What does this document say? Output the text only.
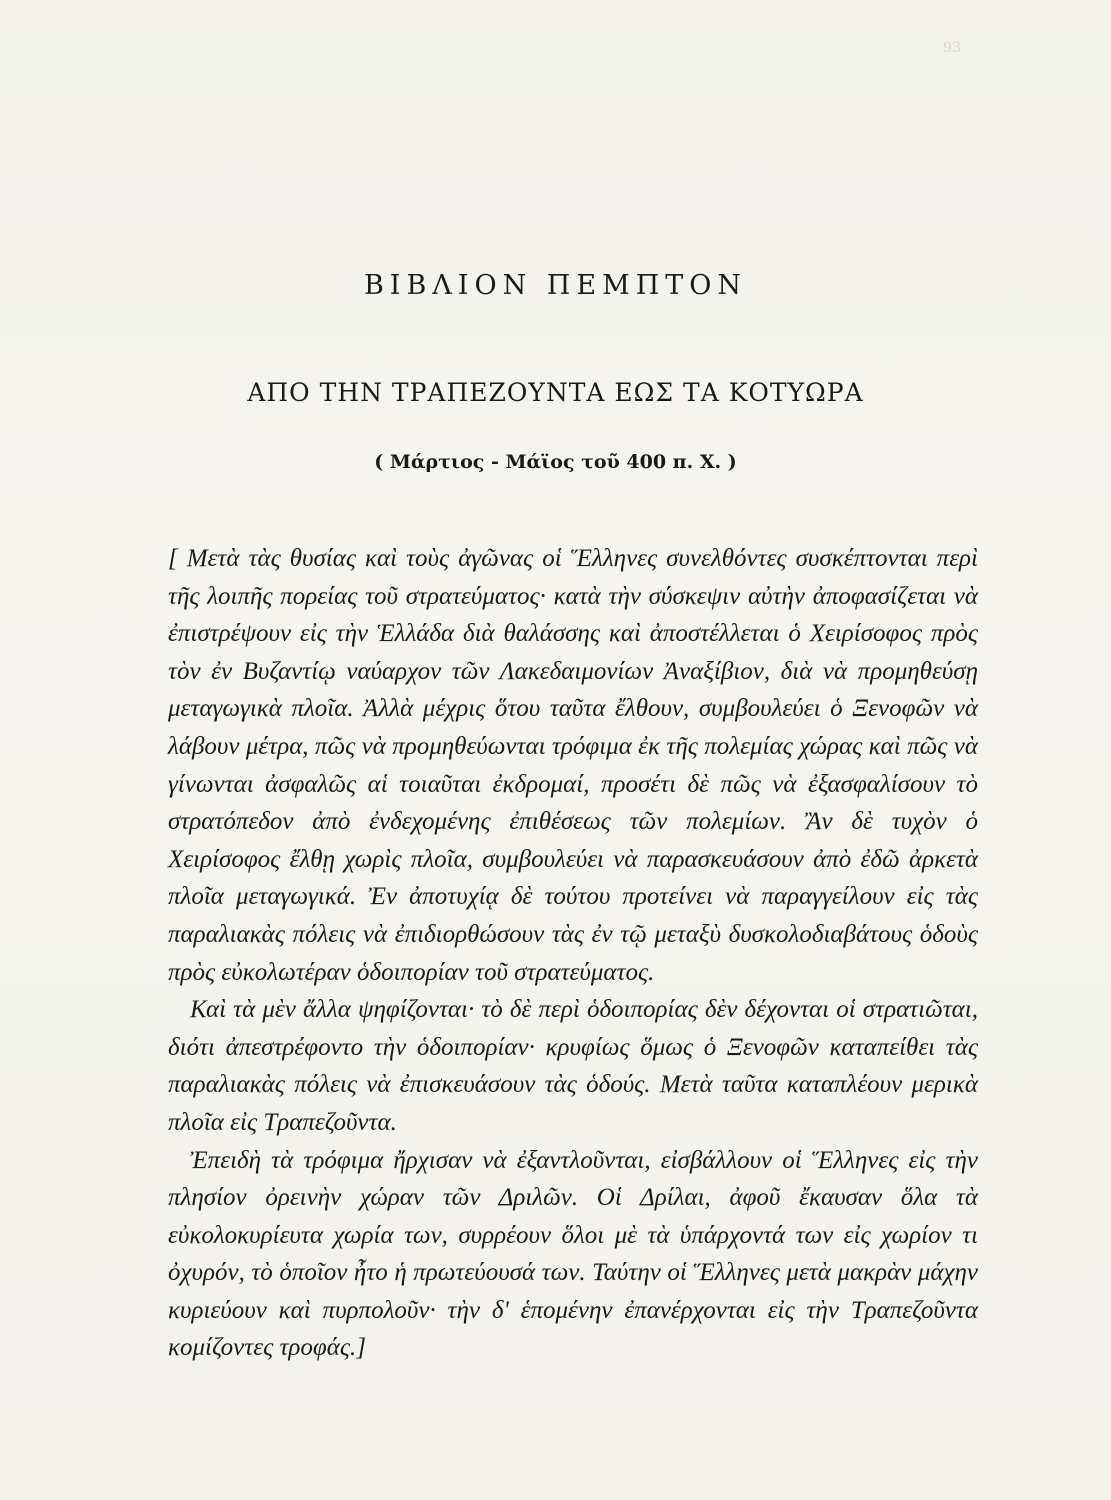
93
ΒΙΒΛΙΟΝ ΠΕΜΠΤΟΝ
ΑΠΟ ΤΗΝ ΤΡΑΠΕΖΟΥΝΤΑ ΕΩΣ ΤΑ ΚΟΤΥΩΡΑ
( Μάρτιος - Μάϊος τοῦ 400 π. Χ. )

[ Μετὰ τὰς θυσίας καὶ τοὺς ἀγῶνας οἱ Ἕλληνες συνελθόντες συσκέπτονται περὶ τῆς λοιπῆς πορείας τοῦ στρατεύματος· κατὰ τὴν σύσκεψιν αὐτὴν ἀποφασίζεται νὰ ἐπιστρέψουν εἰς τὴν Ἑλλάδα διὰ θαλάσσης καὶ ἀποστέλλεται ὁ Χειρίσοφος πρὸς τὸν ἐν Βυζαντίῳ ναύαρχον τῶν Λακεδαιμονίων Ἀναξίβιον, διὰ νὰ προμηθεύσῃ μεταγωγικὰ πλοῖα. Ἀλλὰ μέχρις ὅτου ταῦτα ἔλθουν, συμβουλεύει ὁ Ξενοφῶν νὰ λάβουν μέτρα, πῶς νὰ προμηθεύωνται τρόφιμα ἐκ τῆς πολεμίας χώρας καὶ πῶς νὰ γίνωνται ἀσφαλῶς αἱ τοιαῦται ἐκδρομαί, προσέτι δὲ πῶς νὰ ἐξασφαλίσουν τὸ στρατόπεδον ἀπὸ ἐνδεχομένης ἐπιθέσεως τῶν πολεμίων. Ἂν δὲ τυχὸν ὁ Χειρίσοφος ἔλθῃ χωρὶς πλοῖα, συμβουλεύει νὰ παρασκευάσουν ἀπὸ ἐδῶ ἀρκετὰ πλοῖα μεταγωγικά. Ἐν ἀποτυχίᾳ δὲ τούτου προτείνει νὰ παραγγείλουν εἰς τὰς παραλιακὰς πόλεις νὰ ἐπιδιορθώσουν τὰς ἐν τῷ μεταξὺ δυσκολοδιαβάτους ὁδοὺς πρὸς εὐκολωτέραν ὁδοιπορίαν τοῦ στρατεύματος.

Καὶ τὰ μὲν ἄλλα ψηφίζονται· τὸ δὲ περὶ ὁδοιπορίας δὲν δέχονται οἱ στρατιῶται, διότι ἀπεστρέφοντο τὴν ὁδοιπορίαν· κρυφίως ὅμως ὁ Ξενοφῶν καταπείθει τὰς παραλιακὰς πόλεις νὰ ἐπισκευάσουν τὰς ὁδούς. Μετὰ ταῦτα καταπλέουν μερικὰ πλοῖα εἰς Τραπεζοῦντα.

Ἐπειδὴ τὰ τρόφιμα ἤρχισαν νὰ ἐξαντλοῦνται, εἰσβάλλουν οἱ Ἕλληνες εἰς τὴν πλησίον ὀρεινὴν χώραν τῶν Δριλῶν. Οἱ Δρίλαι, ἀφοῦ ἔκαυσαν ὅλα τὰ εὐκολοκυρίευτα χωρία των, συρρέουν ὅλοι μὲ τὰ ὑπάρχοντά των εἰς χωρίον τι ὀχυρόν, τὸ ὁποῖον ἦτο ἡ πρωτεύουσά των. Ταύτην οἱ Ἕλληνες μετὰ μακρὰν μάχην κυριεύουν καὶ πυρπολοῦν· τὴν δ' ἑπομένην ἐπανέρχονται εἰς τὴν Τραπεζοῦντα κομίζοντες τροφάς.]
